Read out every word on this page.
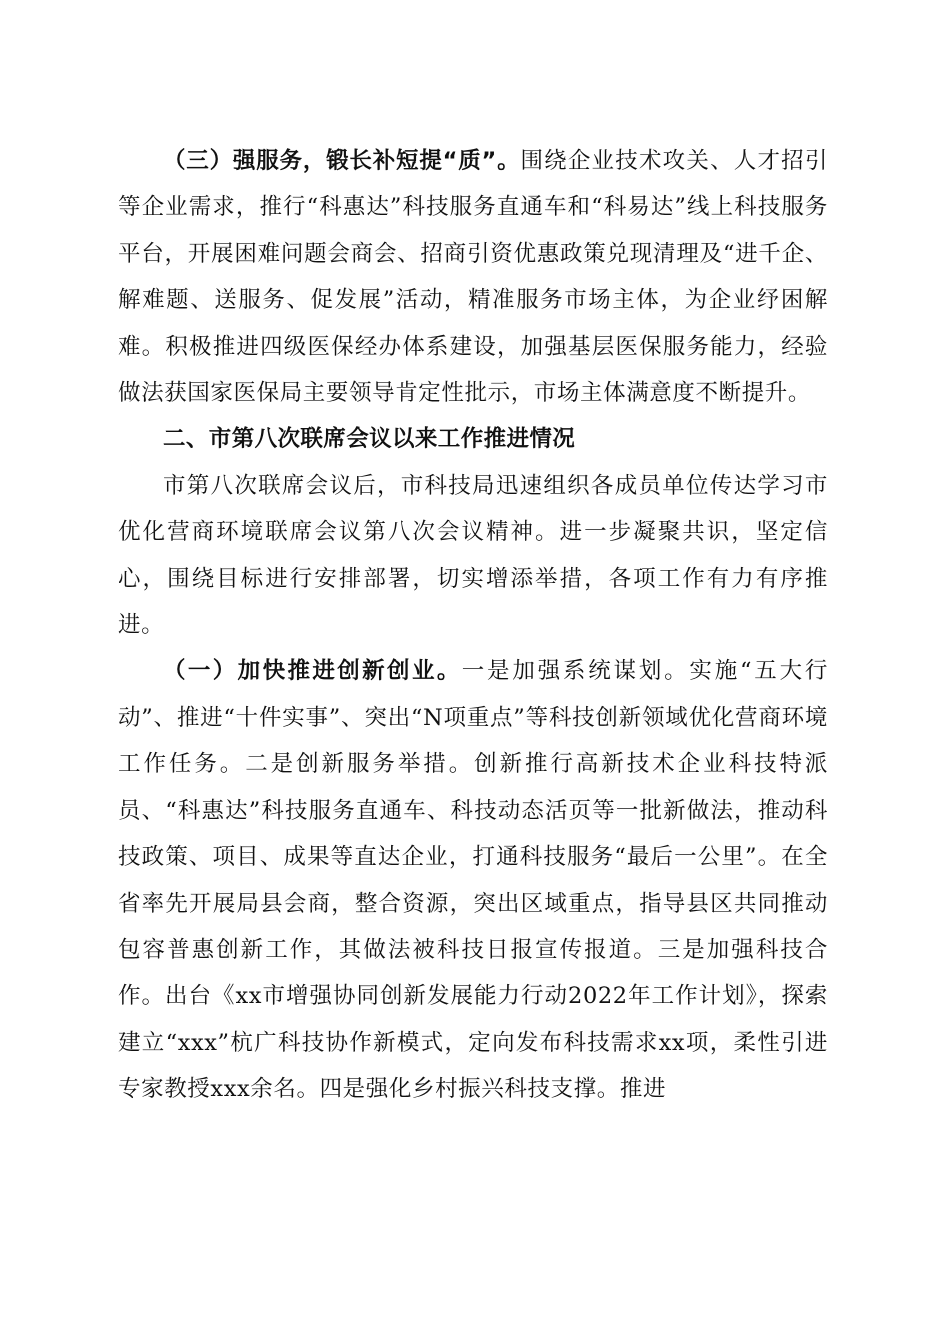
（三）强服务，锻长补短提“质”。围绕企业技术攻关、人才招引等企业需求，推行“科惠达”科技服务直通车和“科易达”线上科技服务平台，开展困难问题会商会、招商引资优惠政策兑现清理及“进千企、解难题、送服务、促发展”活动，精准服务市场主体，为企业纾困解难。积极推进四级医保经办体系建设，加强基层医保服务能力，经验做法获国家医保局主要领导肯定性批示，市场主体满意度不断提升。

二、市第八次联席会议以来工作推进情况

市第八次联席会议后，市科技局迅速组织各成员单位传达学习市优化营商环境联席会议第八次会议精神。进一步凝聚共识，坚定信心，围绕目标进行安排部署，切实增添举措，各项工作有力有序推进。

（一）加快推进创新创业。一是加强系统谋划。实施“五大行动”、推进“十件实事”、突出“N项重点”等科技创新领域优化营商环境工作任务。二是创新服务举措。创新推行高新技术企业科技特派员、“科惠达”科技服务直通车、科技动态活页等一批新做法，推动科技政策、项目、成果等直达企业，打通科技服务“最后一公里”。在全省率先开展局县会商，整合资源，突出区域重点，指导县区共同推动包容普惠创新工作，其做法被科技日报宣传报道。三是加强科技合作。出台《xx市增强协同创新发展能力行动2022年工作计划》，探索建立“xxx”杭广科技协作新模式，定向发布科技需求xx项，柔性引进专家教授xxx余名。四是强化乡村振兴科技支撑。推进
